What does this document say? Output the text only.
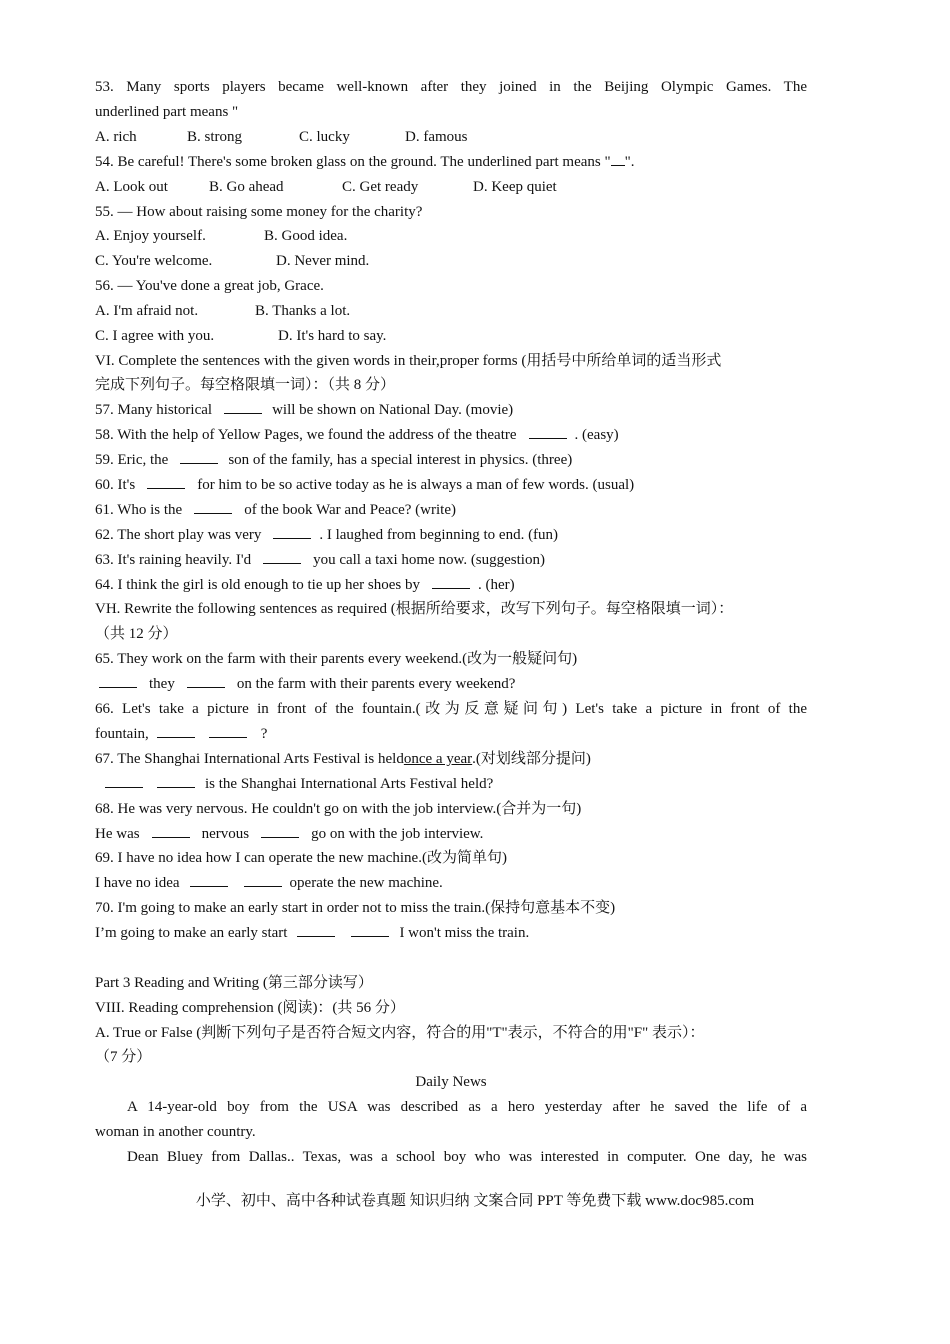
53. Many sports players became well-known after they joined in the Beijing Olympic Games. The
underlined part means "
A. rich	B. strong	C. lucky	D. famous
54. Be careful! There's some broken glass on the ground. The underlined part means " ".
A. Look out	B. Go ahead	C. Get ready	D. Keep quiet
55. ― How about raising some money for the charity?
A. Enjoy yourself.	B. Good idea.
C. You're welcome.	D. Never mind.
56. ― You've done a great job, Grace.
A. I'm afraid not.	B. Thanks a lot.
C. I agree with you.	D. It's hard to say.
VI. Complete the sentences with the given words in their,proper forms (用括号中所给单词的适当形式
完成下列句子。每空格限填一词）：（共 8 分）
57. Many historical	will be shown on National Day. (movie)
58. With the help of Yellow Pages, we found the address of the theatre	. (easy)
59. Eric, the	son of the family, has a special interest in physics. (three)
60. It's	for him to be so active today as he is always a man of few words. (usual)
61. Who is the	of the book War and Peace? (write)
62. The short play was very	. I laughed from beginning to end. (fun)
63. It's raining heavily. I'd	you call a taxi home now. (suggestion)
64. I think the girl is old enough to tie up her shoes by	. (her)
VH. Rewrite the following sentences as required (根据所给要求，改写下列句子。每空格限填一词）：
（共 12 分）
65. They work on the farm with their parents every weekend.(改为一般疑问句)
they	on the farm with their parents every weekend?
66. Let's take a picture in front of the fountain.(改为反意疑问句) Let's take a picture in front of the
fountain,	?
67. The Shanghai International Arts Festival is heldonce a year.(对划线部分提问)
is the Shanghai International Arts Festival held?
68. He was very nervous. He couldn't go on with the job interview.(合并为一句)
He was	nervous	go on with the job interview.
69. I have no idea how I can operate the new machine.(改为简单句)
I have no idea	operate the new machine.
70. I'm going to make an early start in order not to miss the train.(保持句意基本不变)
I’m going to make an early start	I won't miss the train.
Part 3 Reading and Writing (第三部分读写）
VIII. Reading comprehension (阅读)：(共 56 分）
A. True or False (判断下列句子是否符合短文内容，符合的用"T"表示，不符合的用"F" 表示）：
（7 分）
Daily News
A 14-year-old boy from the USA was described as a hero yesterday after he saved the life of a
woman in another country.
Dean Bluey from Dallas.. Texas, was a school boy who was interested in computer. One day, he was
小学、初中、高中各种试卷真题 知识归纳 文案合同 PPT 等免费下载 www.doc985.com
